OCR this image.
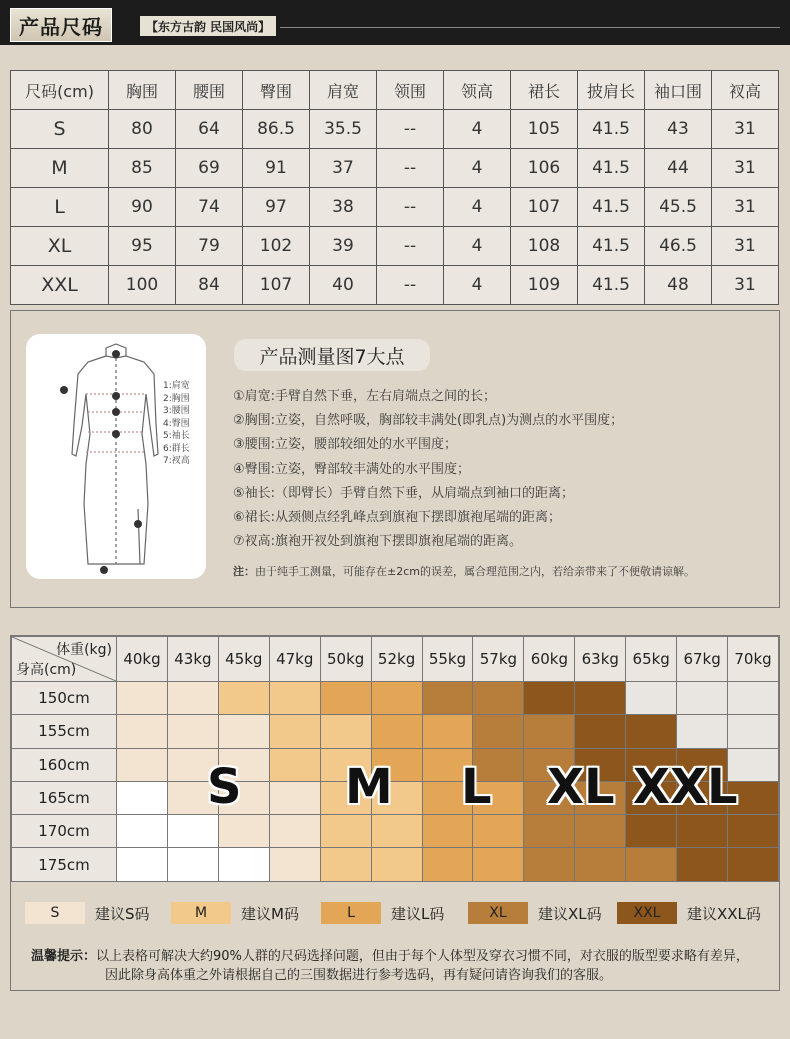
产品尺码	【东方古韵 民国风尚】
尺码(cm)	胸围	腰围	臀围	肩宽	领围	领高	裙长	披肩长	袖口围	衩高
S	80	64	86.5	35.5	--	4	105	41.5	43	31
M	85	69	91	37	--	4	106	41.5	44	31
L	90	74	97	38	--	4	107	41.5	45.5	31
XL	95	79	102	39	--	4	108	41.5	46.5	31
XXL	100	84	107	40	--	4	109	41.5	48	31
1:肩宽
2:胸围
3:腰围
4:臀围
5:袖长
6:群长
7:衩高
产品测量图7大点
①肩宽:手臂自然下垂，左右肩端点之间的长；
②胸围:立姿，自然呼吸，胸部较丰满处(即乳点)为测点的水平围度；
③腰围:立姿，腰部较细处的水平围度；
④臀围:立姿，臀部较丰满处的水平围度；
⑤袖长:（即臂长）手臂自然下垂，从肩端点到袖口的距离；
⑥裙长:从颈侧点经乳峰点到旗袍下摆即旗袍尾端的距离；
⑦衩高:旗袍开衩处到旗袍下摆即旗袍尾端的距离。
注：由于纯手工测量，可能存在±2cm的误差，属合理范围之内，若给亲带来了不便敬请谅解。
体重(kg)
身高(cm)	40kg	43kg	45kg	47kg	50kg	52kg	55kg	57kg	60kg	63kg	65kg	67kg	70kg
150cm													
155cm													
160cm													
165cm													
170cm													
175cm													
S M L XL XXL
S	建议S码	M	建议M码	L	建议L码	XL	建议XL码	XXL	建议XXL码
温馨提示：以上表格可解决大约90%人群的尺码选择问题，但由于每个人体型及穿衣习惯不同，对衣服的版型要求略有差异，
因此除身高体重之外请根据自己的三围数据进行参考选码，再有疑问请咨询我们的客服。
